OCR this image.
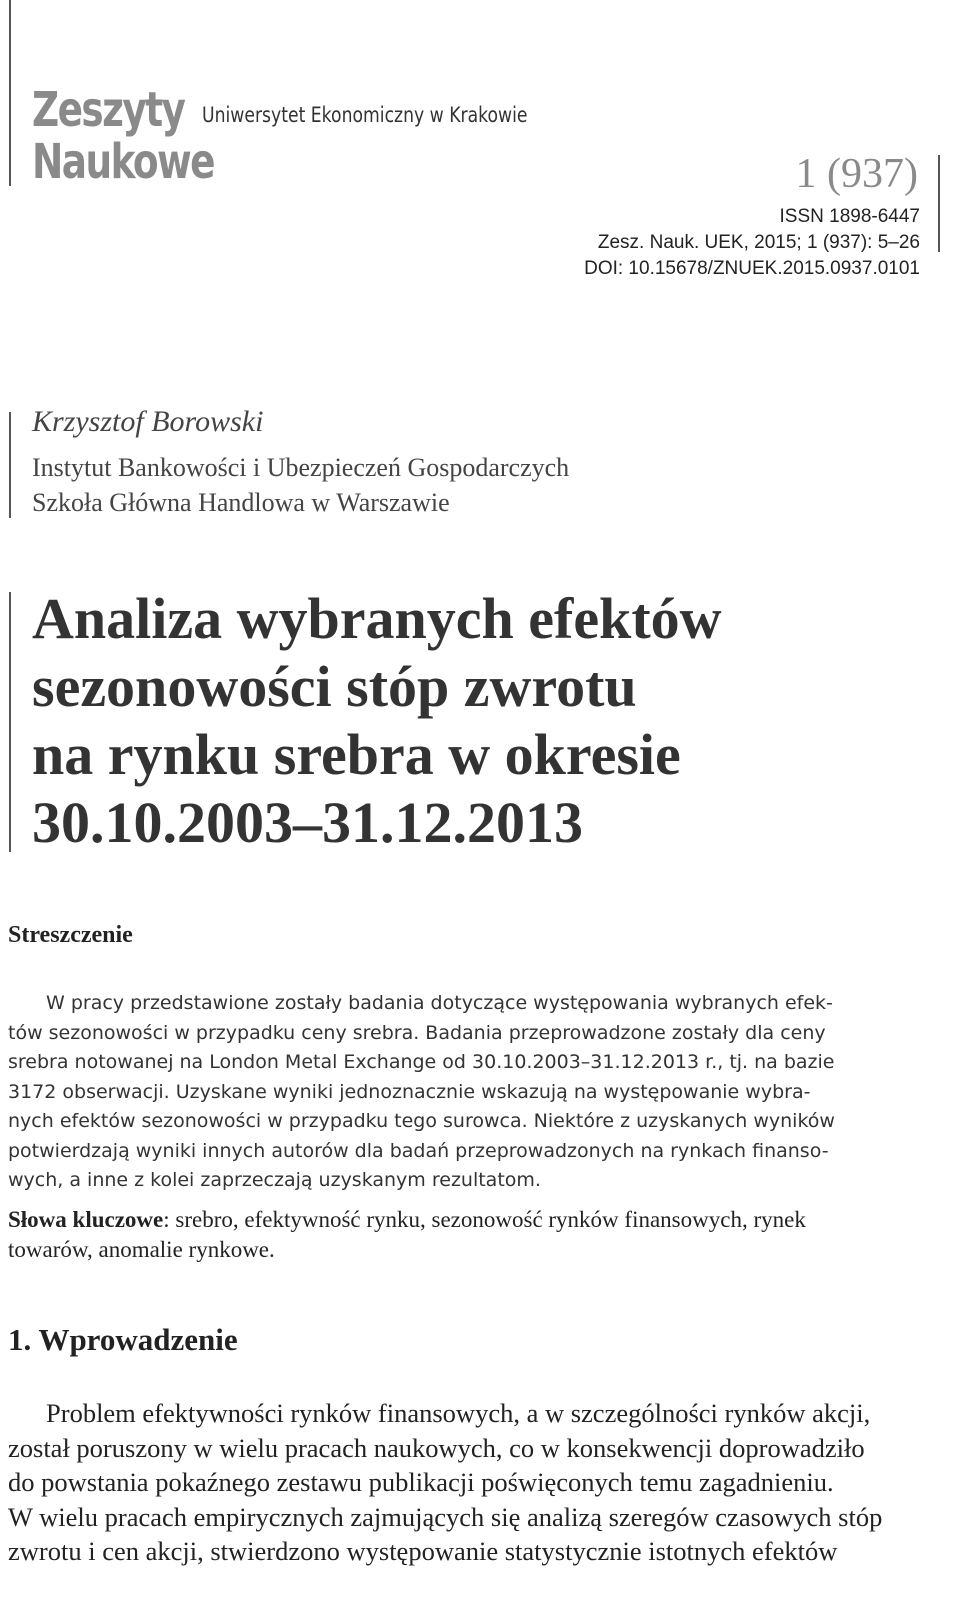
Zeszyty
Naukowe
Uniwersytet Ekonomiczny w Krakowie
1 (937)
ISSN 1898-6447
Zesz. Nauk. UEK, 2015; 1 (937): 5–26
DOI: 10.15678/ZNUEK.2015.0937.0101
Krzysztof Borowski
Instytut Bankowości i Ubezpieczeń Gospodarczych
Szkoła Główna Handlowa w Warszawie
Analiza wybranych efektów
sezonowości stóp zwrotu
na rynku srebra w okresie
30.10.2003–31.12.2013
Streszczenie
W pracy przedstawione zostały badania dotyczące występowania wybranych efek-
tów sezonowości w przypadku ceny srebra. Badania przeprowadzone zostały dla ceny
srebra notowanej na London Metal Exchange od 30.10.2003–31.12.2013 r., tj. na bazie
3172 obserwacji. Uzyskane wyniki jednoznacznie wskazują na występowanie wybra-
nych efektów sezonowości w przypadku tego surowca. Niektóre z uzyskanych wyników
potwierdzają wyniki innych autorów dla badań przeprowadzonych na rynkach finanso-
wych, a inne z kolei zaprzeczają uzyskanym rezultatom.
Słowa kluczowe: srebro, efektywność rynku, sezonowość rynków finansowych, rynek
towarów, anomalie rynkowe.
1. Wprowadzenie
Problem efektywności rynków finansowych, a w szczególności rynków akcji,
został poruszony w wielu pracach naukowych, co w konsekwencji doprowadziło
do powstania pokaźnego zestawu publikacji poświęconych temu zagadnieniu.
W wielu pracach empirycznych zajmujących się analizą szeregów czasowych stóp
zwrotu i cen akcji, stwierdzono występowanie statystycznie istotnych efektów
